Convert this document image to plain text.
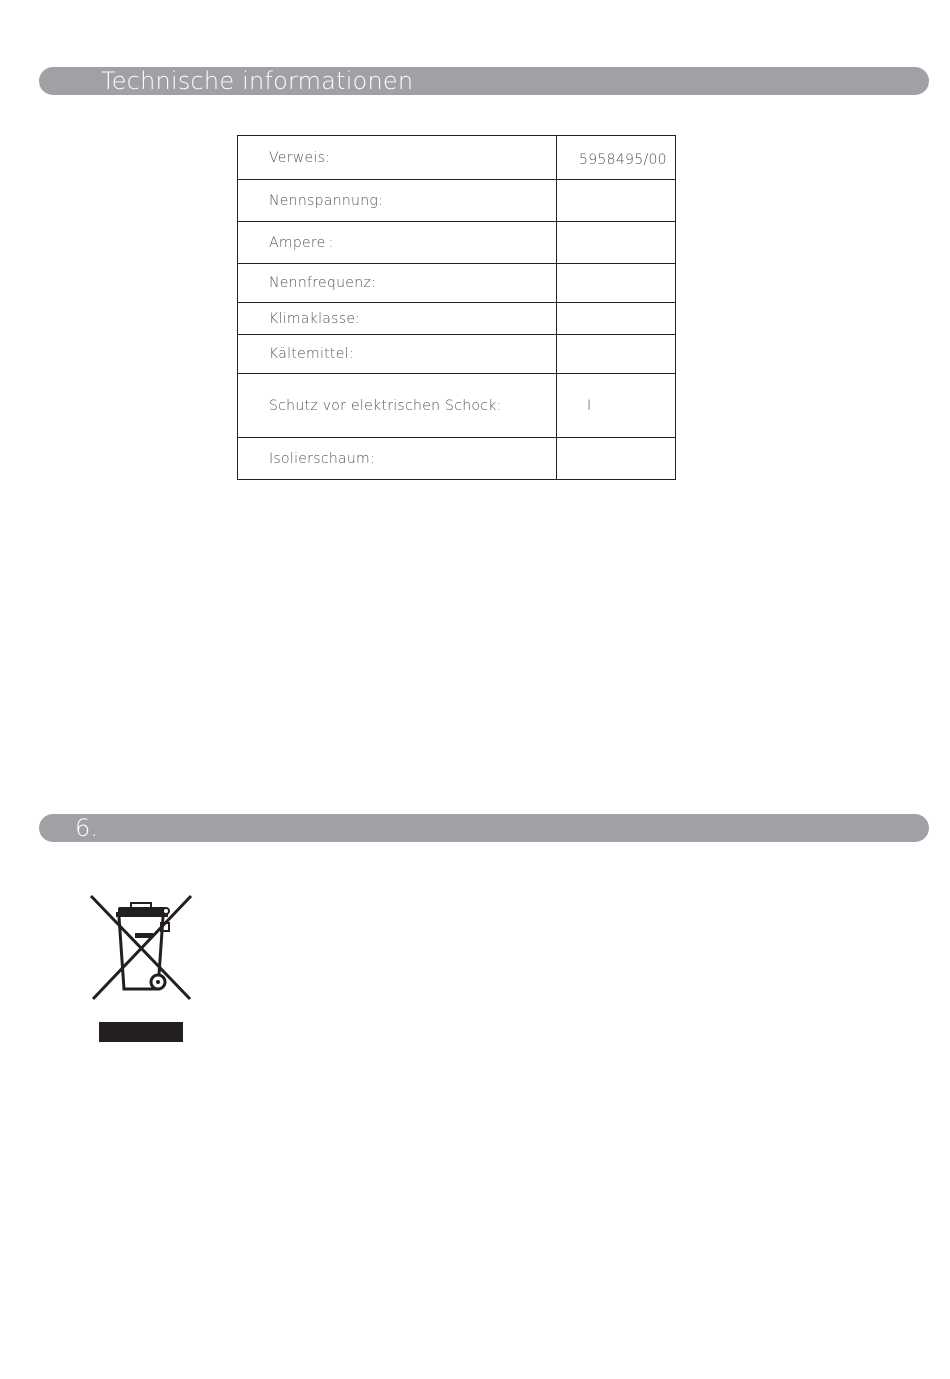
Technische informationen
Verweis:	5958495/00
Nennspannung:	
Ampere :	
Nennfrequenz:	
Klimaklasse:	
Kältemittel:	
Schutz vor elektrischen Schock:	I
Isolierschaum:	
6.
